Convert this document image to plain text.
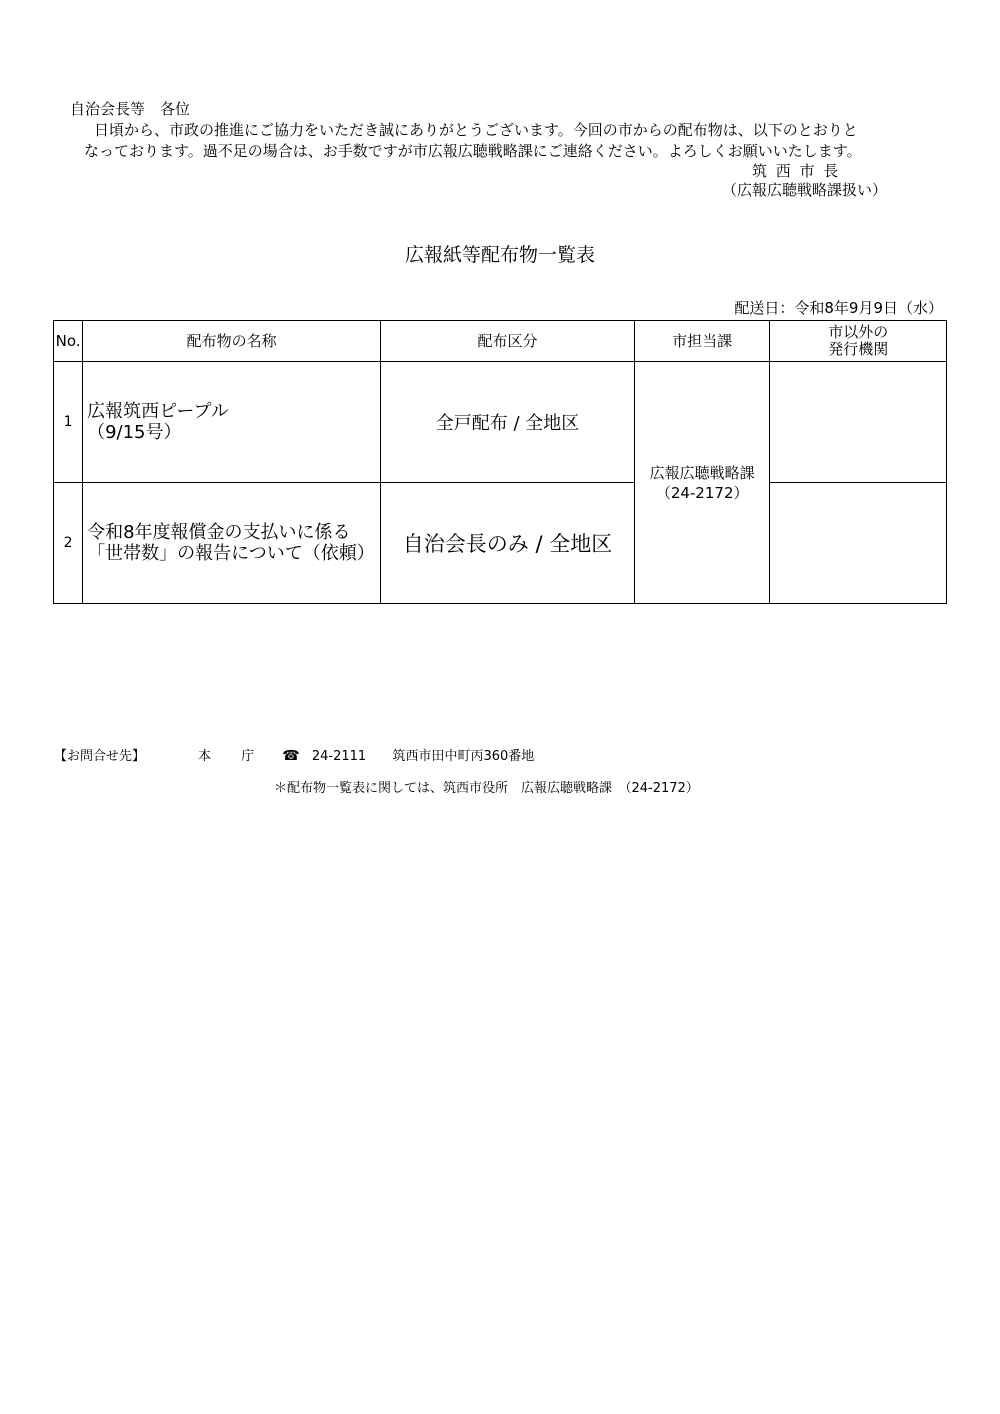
自治会長等　各位
日頃から、市政の推進にご協力をいただき誠にありがとうございます。今回の市からの配布物は、以下のとおりと
なっております。過不足の場合は、お手数ですが市広報広聴戦略課にご連絡ください。よろしくお願いいたします。
筑 西 市 長
（広報広聴戦略課扱い）
広報紙等配布物一覧表
配送日：令和8年9月9日（水）
No.	配布物の名称	配布区分	市担当課	市以外の
発行機関
1	広報筑西ピープル
（9/15号）	全戸配布 / 全地区	広報広聴戦略課
（24-2172）	

2	令和8年度報償金の支払いに係る
「世帯数」の報告について（依頼）	自治会長のみ / 全地区		
【お問合せ先】	本庁 ☎ 24-2111 筑西市田中町丙360番地
＊配布物一覧表に関しては、筑西市役所　広報広聴戦略課　（24-2172）
